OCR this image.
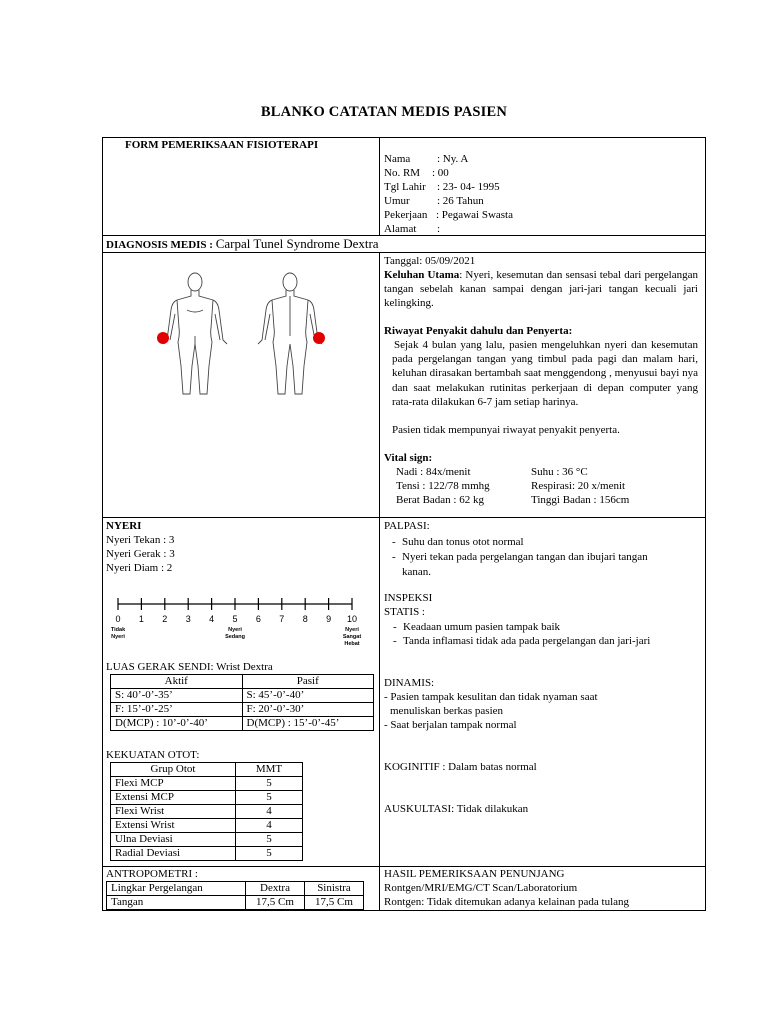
BLANKO CATATAN MEDIS PASIEN
FORM PEMERIKSAAN FISIOTERAPI
Nama : Ny. A
No. RM : 00
Tgl Lahir : 23- 04- 1995
Umur : 26 Tahun
Pekerjaan : Pegawai Swasta
Alamat :
DIAGNOSIS MEDIS : Carpal Tunel Syndrome Dextra
Tanggal: 05/09/2021
Keluhan Utama: Nyeri, kesemutan dan sensasi tebal dari pergelangan tangan sebelah kanan sampai dengan jari-jari tangan kecuali jari kelingking.
Riwayat Penyakit dahulu dan Penyerta:
Sejak 4 bulan yang lalu, pasien mengeluhkan nyeri dan kesemutan pada pergelangan tangan yang timbul pada pagi dan malam hari, keluhan dirasakan bertambah saat menggendong , menyusui bayi nya dan saat melakukan rutinitas perkerjaan di depan computer yang rata-rata dilakukan 6-7 jam setiap harinya.
Pasien tidak mempunyai riwayat penyakit penyerta.
Vital sign:
Nadi : 84x/menit	Suhu : 36 °C
Tensi : 122/78 mmhg	Respirasi: 20 x/menit
Berat Badan : 62 kg	Tinggi Badan : 156cm
NYERI
Nyeri Tekan : 3
Nyeri Gerak : 3
Nyeri Diam : 2
0 1 2 3 4 5 6 7 8 9 10
Tidak
Nyeri
Nyeri
Sedang
Nyeri
Sangat
Hebat
LUAS GERAK SENDI: Wrist Dextra
Aktif	Pasif
S: 40’-0’-35’	S: 45’-0’-40’
F: 15’-0’-25’	F: 20’-0’-30’
D(MCP) : 10’-0’-40’	D(MCP) : 15’-0’-45’
KEKUATAN OTOT:
Grup Otot	MMT
Flexi MCP	5
Extensi MCP	5
Flexi Wrist	4
Extensi Wrist	4
Ulna Deviasi	5
Radial Deviasi	5
ANTROPOMETRI :
Lingkar Pergelangan	Dextra	Sinistra
Tangan	17,5 Cm	17,5 Cm
PALPASI:
- Suhu dan tonus otot normal
- Nyeri tekan pada pergelangan tangan dan ibujari tangan
kanan.
INSPEKSI
STATIS :
- Keadaan umum pasien tampak baik
- Tanda inflamasi tidak ada pada pergelangan dan jari-jari
DINAMIS:
- Pasien tampak kesulitan dan tidak nyaman saat
menuliskan berkas pasien
- Saat berjalan tampak normal
KOGINITIF : Dalam batas normal
AUSKULTASI: Tidak dilakukan
HASIL PEMERIKSAAN PENUNJANG
Rontgen/MRI/EMG/CT Scan/Laboratorium
Rontgen: Tidak ditemukan adanya kelainan pada tulang
